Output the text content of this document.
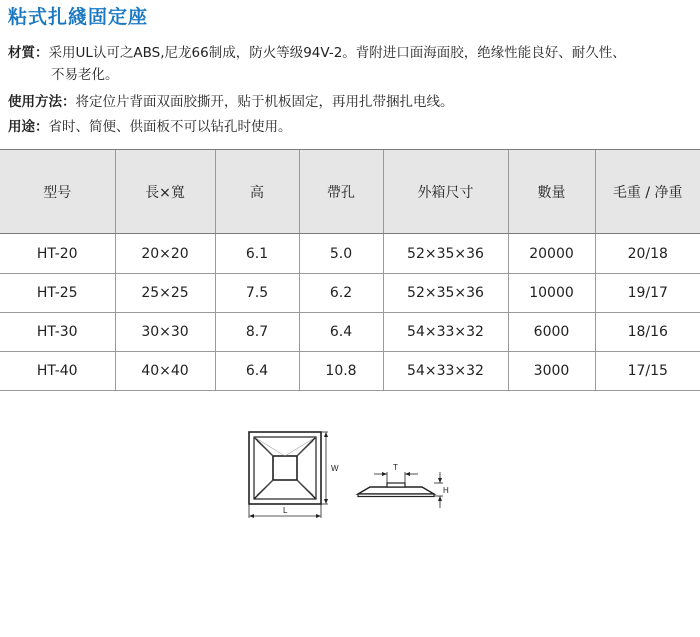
粘式扎綫固定座
材質：采用UL认可之ABS,尼龙66制成，防火等级94V-2。背附进口面海面胶，绝缘性能良好、耐久性、
不易老化。
使用方法：将定位片背面双面胶撕开，贴于机板固定，再用扎带捆扎电线。
用途：省时、简便、供面板不可以钻孔时使用。
型号	長×寬	高	帶孔	外箱尺寸	數量	毛重 / 净重
HT-20	20×20	6.1	5.0	52×35×36	20000	20/18
HT-25	25×25	7.5	6.2	52×35×36	10000	19/17
HT-30	30×30	8.7	6.4	54×33×32	6000	18/16
HT-40	40×40	6.4	10.8	54×33×32	3000	17/15
W
L
T
H
